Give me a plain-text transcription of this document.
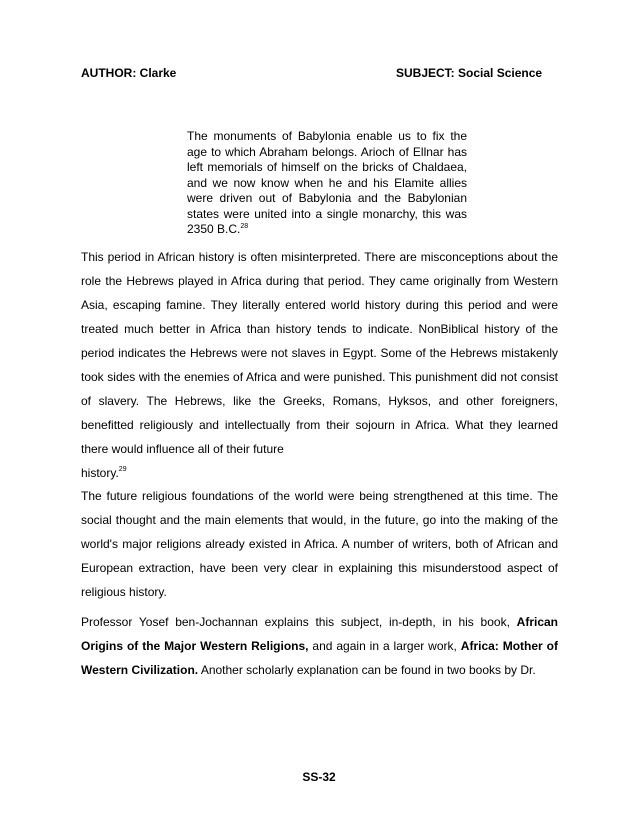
AUTHOR: Clarke	SUBJECT: Social Science
The monuments of Babylonia enable us to fix the age to which Abraham belongs. Arioch of Ellnar has left memorials of himself on the bricks of Chaldaea, and we now know when he and his Elamite allies were driven out of Babylonia and the Babylonian states were united into a single monarchy, this was 2350 B.C.$^{28}$
This period in African history is often misinterpreted. There are misconceptions about the role the Hebrews played in Africa during that period. They came originally from Western Asia, escaping famine. They literally entered world history during this period and were treated much better in Africa than history tends to indicate. NonBiblical history of the period indicates the Hebrews were not slaves in Egypt. Some of the Hebrews mistakenly took sides with the enemies of Africa and were punished. This punishment did not consist of slavery. The Hebrews, like the Greeks, Romans, Hyksos, and other foreigners, benefitted religiously and intellectually from their sojourn in Africa. What they learned there would influence all of their future
history.$^{29}$
The future religious foundations of the world were being strengthened at this time. The social thought and the main elements that would, in the future, go into the making of the world's major religions already existed in Africa. A number of writers, both of African and European extraction, have been very clear in explaining this misunderstood aspect of religious history.
Professor Yosef ben-Jochannan explains this subject, in-depth, in his book, African Origins of the Major Western Religions, and again in a larger work, Africa: Mother of Western Civilization. Another scholarly explanation can be found in two books by Dr.
SS-32
